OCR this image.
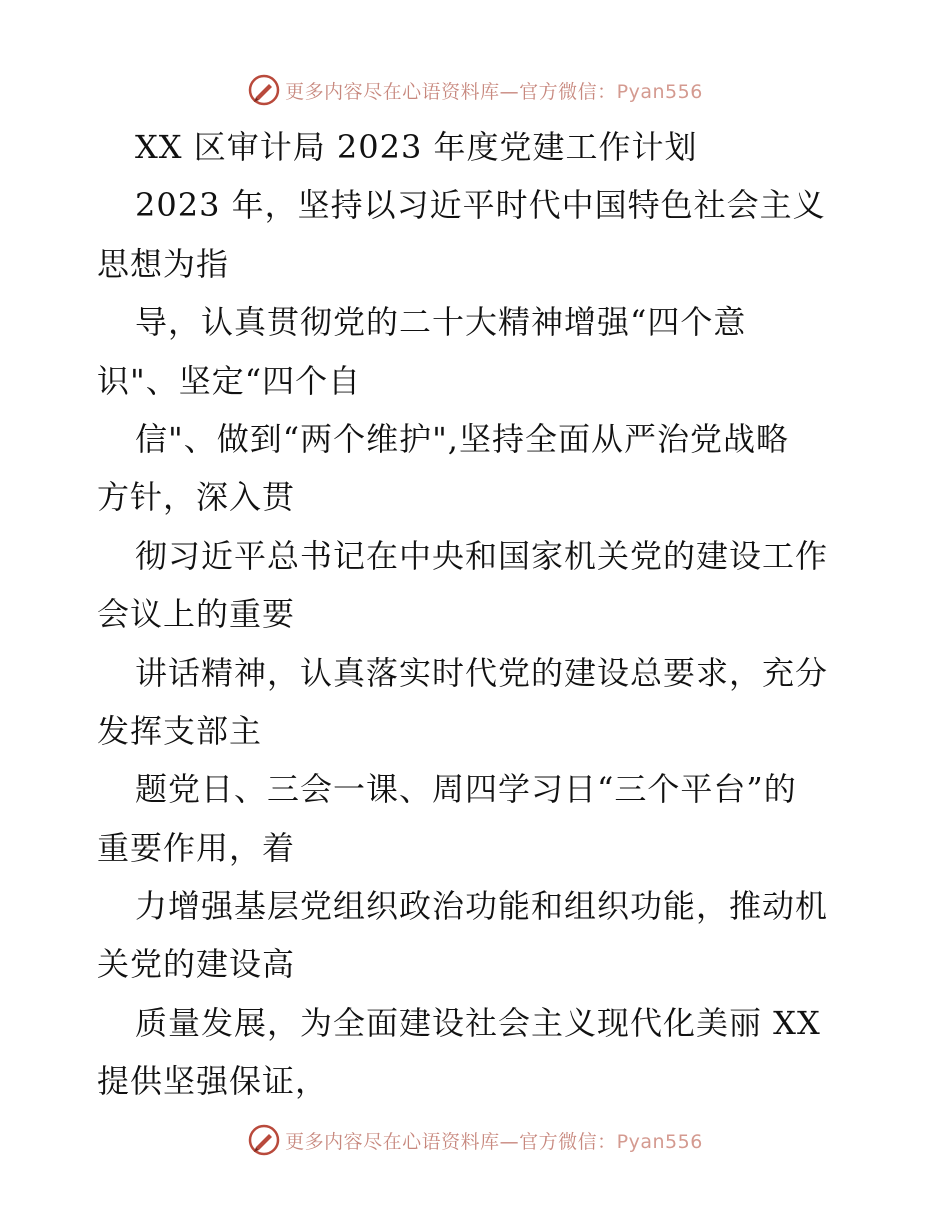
更多内容尽在心语资料库—官方微信：Pyan556
XX 区审计局 2023 年度党建工作计划
2023 年，坚持以习近平时代中国特色社会主义
思想为指
导，认真贯彻党的二十大精神增强“四个意
识"、坚定“四个自
信"、做到“两个维护",坚持全面从严治党战略
方针，深入贯
彻习近平总书记在中央和国家机关党的建设工作
会议上的重要
讲话精神，认真落实时代党的建设总要求，充分
发挥支部主
题党日、三会一课、周四学习日“三个平台”的
重要作用，着
力增强基层党组织政治功能和组织功能，推动机
关党的建设高
质量发展，为全面建设社会主义现代化美丽 XX
提供坚强保证，
更多内容尽在心语资料库—官方微信：Pyan556
